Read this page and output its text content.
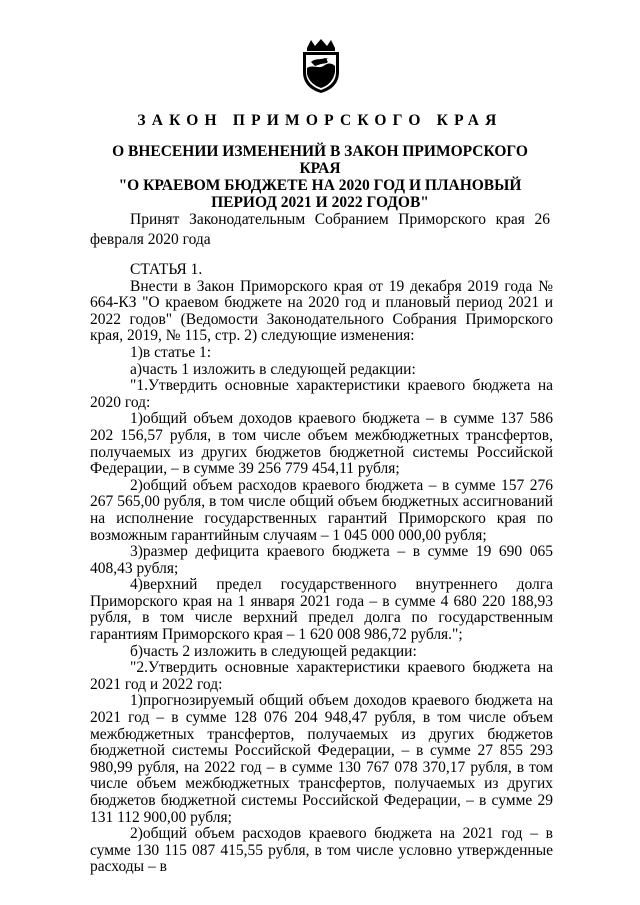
ЗАКОН ПРИМОРСКОГО КРАЯ
О ВНЕСЕНИИ ИЗМЕНЕНИЙ В ЗАКОН ПРИМОРСКОГО КРАЯ
"О КРАЕВОМ БЮДЖЕТЕ НА 2020 ГОД И ПЛАНОВЫЙ
ПЕРИОД 2021 И 2022 ГОДОВ"
Принят Законодательным Собранием Приморского края 26 февраля 2020 года

СТАТЬЯ 1.

Внести в Закон Приморского края от 19 декабря 2019 года № 664-КЗ "О краевом бюджете на 2020 год и плановый период 2021 и 2022 годов" (Ведомости Законодательного Собрания Приморского края, 2019, № 115, стр. 2) следующие изменения:

1)в статье 1:

а)часть 1 изложить в следующей редакции:

"1.Утвердить основные характеристики краевого бюджета на 2020 год:

1)общий объем доходов краевого бюджета – в сумме 137 586 202 156,57 рубля, в том числе объем межбюджетных трансфертов, получаемых из других бюджетов бюджетной системы Российской Федерации, – в сумме 39 256 779 454,11 рубля;

2)общий объем расходов краевого бюджета – в сумме 157 276 267 565,00 рубля, в том числе общий объем бюджетных ассигнований на исполнение государственных гарантий Приморского края по возможным гарантийным случаям – 1 045 000 000,00 рубля;

3)размер дефицита краевого бюджета – в сумме 19 690 065 408,43 рубля;

4)верхний предел государственного внутреннего долга Приморского края на 1 января 2021 года – в сумме 4 680 220 188,93 рубля, в том числе верхний предел долга по государственным гарантиям Приморского края – 1 620 008 986,72 рубля.";

б)часть 2 изложить в следующей редакции:

"2.Утвердить основные характеристики краевого бюджета на 2021 год и 2022 год:

1)прогнозируемый общий объем доходов краевого бюджета на 2021 год – в сумме 128 076 204 948,47 рубля, в том числе объем межбюджетных трансфертов, получаемых из других бюджетов бюджетной системы Российской Федерации, – в сумме 27 855 293 980,99 рубля, на 2022 год – в сумме 130 767 078 370,17 рубля, в том числе объем межбюджетных трансфертов, получаемых из других бюджетов бюджетной системы Российской Федерации, – в сумме 29 131 112 900,00 рубля;

2)общий объем расходов краевого бюджета на 2021 год – в сумме 130 115 087 415,55 рубля, в том числе условно утвержденные расходы – в
